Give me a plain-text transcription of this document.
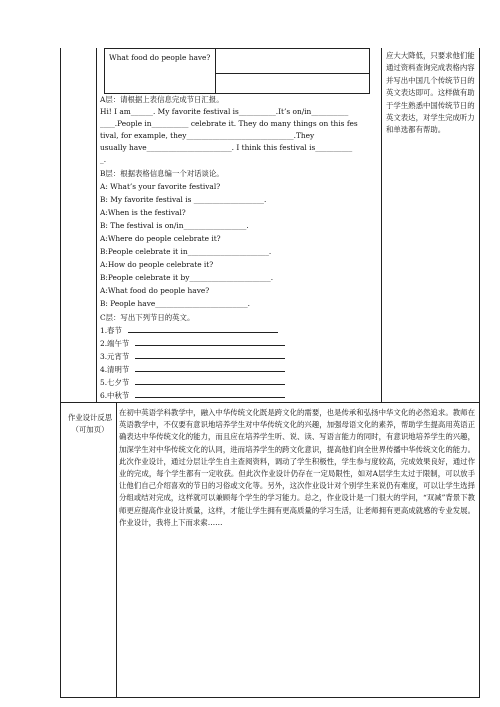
What food do people have?
A层：请根据上表信息完成节日汇报。
Hi! I am______. My favorite festival is__________.It’s on/in__________
____.People in__________ celebrate it. They do many things on this fes
tival, for example, they_____________________________.They
usually have_______________________. I think this festival is__________
_.
B层：根据表格信息编一个对话谈论。
A: What’s your favorite festival?
B: My favorite festival is ___________________.
A:When is the festival?
B: The festival is on/in_________________.
A:Where do people celebrate it?
B:People celebrate it in______________________.
A:How do people celebrate it?
B:People celebrate it by______________________.
A:What food do people have?
B: People have_________________________.
C层：写出下列节日的英文。
1.春节
2.端午节
3.元宵节
4.清明节
5.七夕节
6.中秋节
应大大降低，只要求他们能通过资料查询完成表格内容并写出中国几个传统节日的英文表达即可。这样做有助于学生熟悉中国传统节日的英文表达，对学生完成听力和单选都有帮助。
作业设计反思
（可加页）
在初中英语学科教学中，融入中华传统文化既是跨文化的需要，也是传承和弘扬中华文化的必然追求。教师在英语教学中，不仅要有意识地培养学生对中华传统文化的兴趣，加强母语文化的素养，帮助学生提高用英语正确表达中华传统文化的能力，而且应在培养学生听、说、读、写语言能力的同时，有意识地培养学生的兴趣，加深学生对中华传统文化的认同，进而培养学生的跨文化意识，提高他们向全世界传播中华传统文化的能力。此次作业设计，通过分层让学生自主查阅资料，调动了学生积极性，学生参与度较高，完成效果良好，通过作业的完成，每个学生都有一定收获。但此次作业设计仍存在一定局限性，如对A层学生太过于限制，可以放手让他们自己介绍喜欢的节日的习俗或文化等。另外，这次作业设计对个别学生来说仍有难度，可以让学生选择分组或结对完成，这样就可以兼顾每个学生的学习能力。总之，作业设计是一门很大的学问，“双减”背景下教师更应提高作业设计质量，这样，才能让学生拥有更高质量的学习生活，让老师拥有更高成就感的专业发展。作业设计，我将上下而求索……
